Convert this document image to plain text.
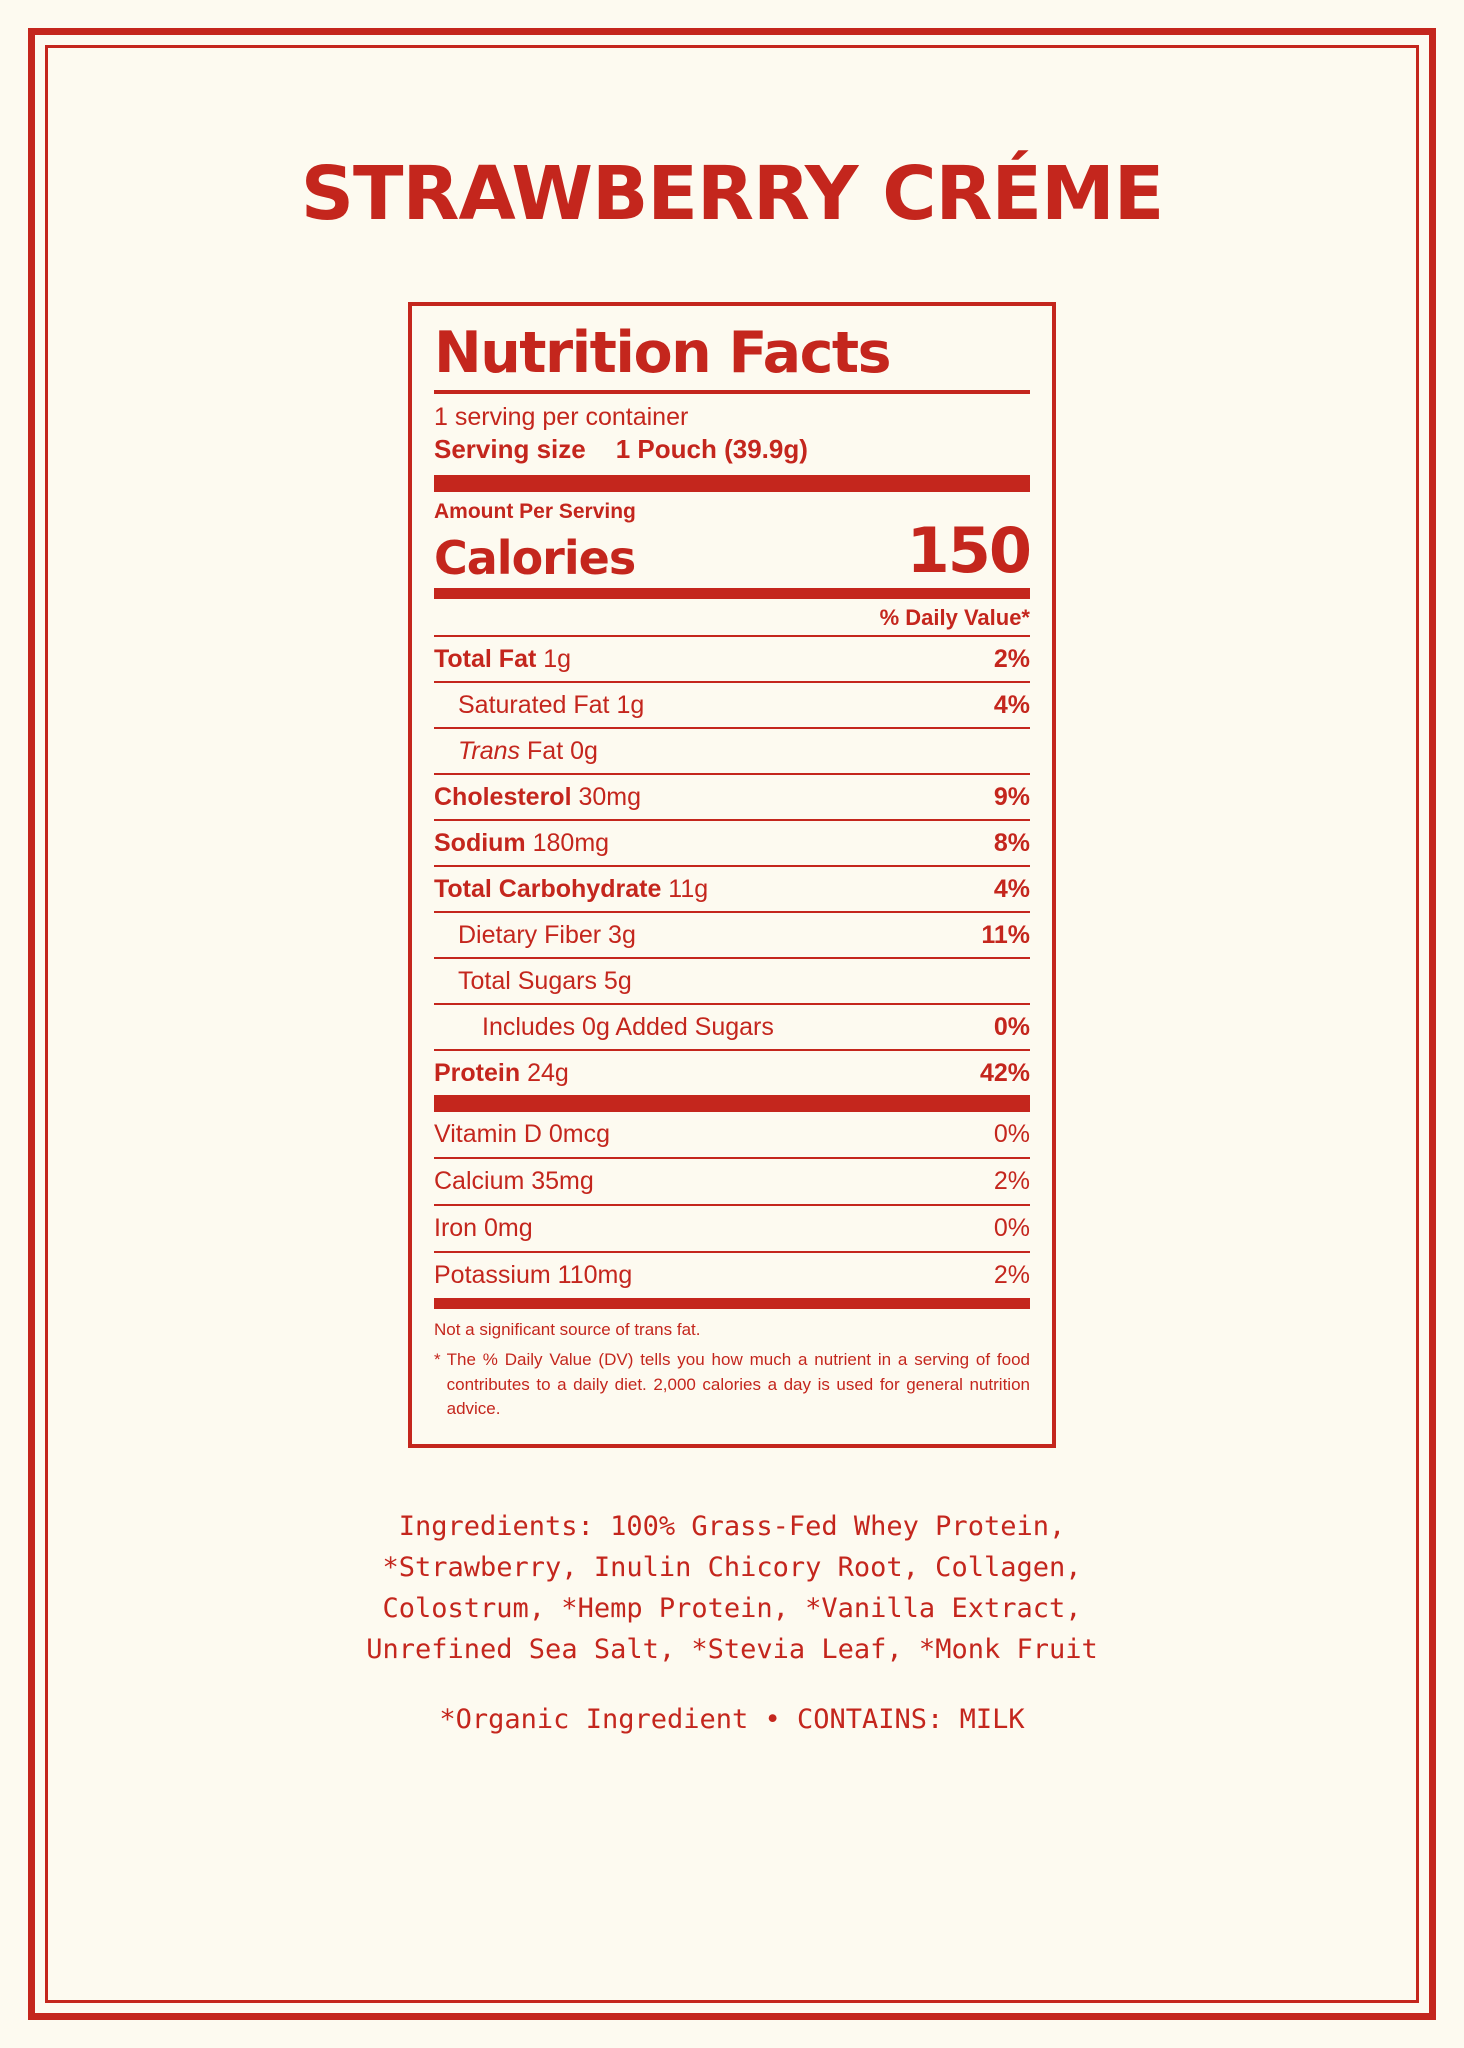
STRAWBERRY CRÉME
Nutrition Facts
1 serving per container
Serving size 1 Pouch (39.9g)
Amount Per Serving
Calories	150
% Daily Value*
Total Fat 1g	2%
Saturated Fat 1g	4%
Trans Fat 0g
Cholesterol 30mg	9%
Sodium 180mg	8%
Total Carbohydrate 11g	4%
Dietary Fiber 3g	11%
Total Sugars 5g
Includes 0g Added Sugars	0%
Protein 24g	42%
Vitamin D 0mcg	0%
Calcium 35mg	2%
Iron 0mg	0%
Potassium 110mg	2%
Not a significant source of trans fat.
* The % Daily Value (DV) tells you how much a nutrient in a serving of food contributes to a daily diet. 2,000 calories a day is used for general nutrition advice.
Ingredients: 100% Grass-Fed Whey Protein,
*Strawberry, Inulin Chicory Root, Collagen,
Colostrum, *Hemp Protein, *Vanilla Extract,
Unrefined Sea Salt, *Stevia Leaf, *Monk Fruit
*Organic Ingredient • CONTAINS: MILK
